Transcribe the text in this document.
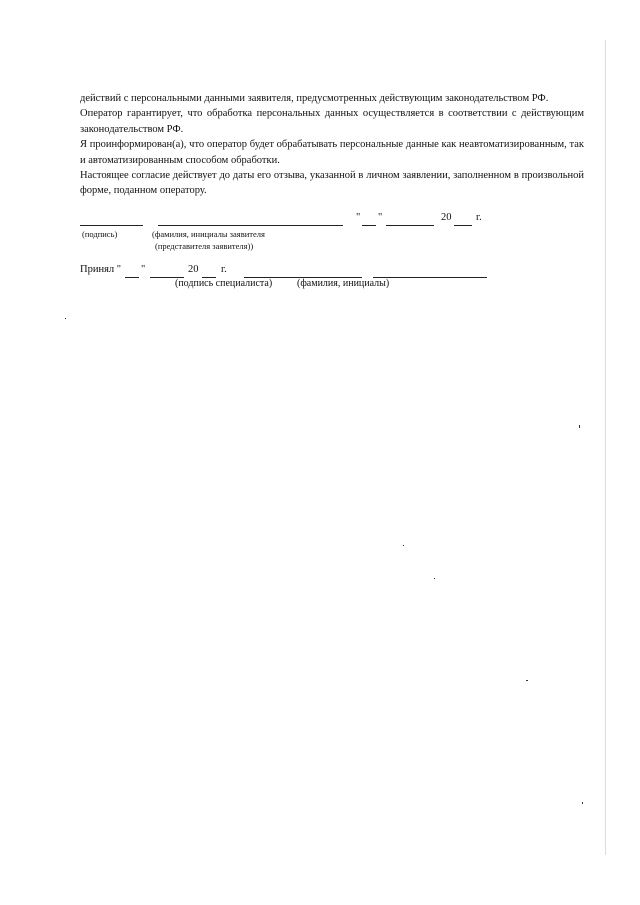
действий с персональными данными заявителя, предусмотренных действующим законодательством РФ.

Оператор гарантирует, что обработка персональных данных осуществляется в соответствии с действующим законодательством РФ.

Я проинформирован(а), что оператор будет обрабатывать персональные данные как неавтоматизированным, так и автоматизированным способом обработки.

Настоящее согласие действует до даты его отзыва, указанной в личном заявлении, заполненном в произвольной форме, поданном оператору.

" "	20 г.
(подпись)	(фамилия, инициалы заявителя
(представителя заявителя))
Принял " "	20 г.
(подпись специалиста) (фамилия, инициалы)
